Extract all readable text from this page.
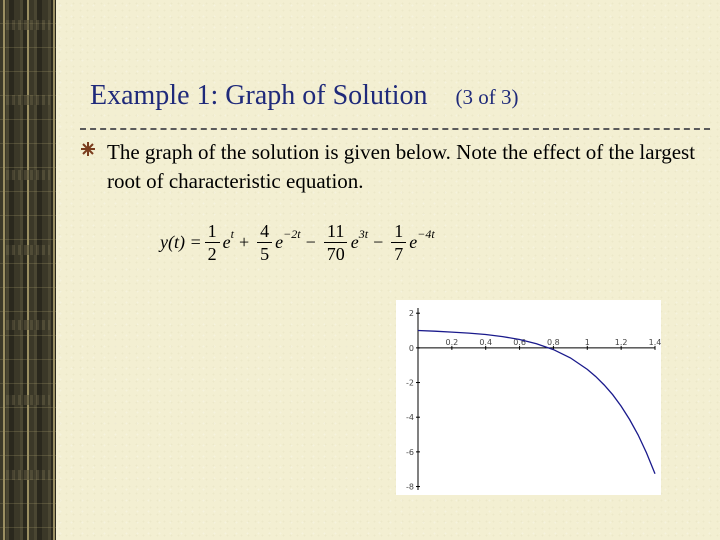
Example 1: Graph of Solution (3 of 3)
The graph of the solution is given below. Note the effect of the largest root of characteristic equation.
$y(t) = \frac{1}{2}$ e $t + \frac{4}{5}$ $e -2t - \frac{11}{70}$ e $3t - \frac{1}{7}$ e −4t
0.2	0.4	0.6	0.8	1	1.2	1.4
2
0
-2
-4
-6
-8
